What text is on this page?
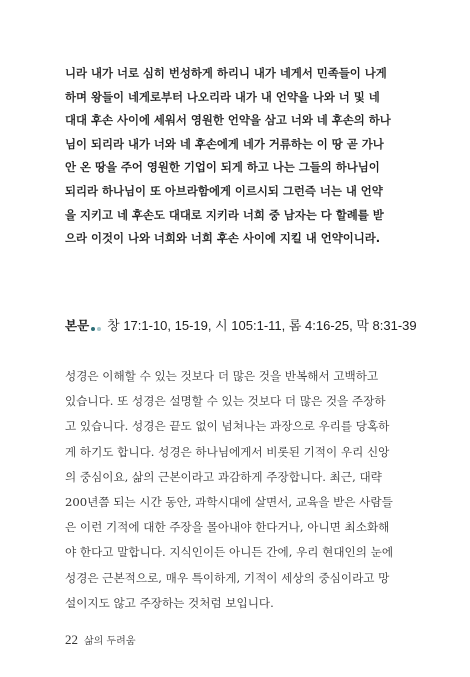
니라 내가 너로 심히 번성하게 하리니 내가 네게서 민족들이 나게
하며 왕들이 네게로부터 나오리라 내가 내 언약을 나와 너 및 네
대대 후손 사이에 세워서 영원한 언약을 삼고 너와 네 후손의 하나
님이 되리라 내가 너와 네 후손에게 네가 거류하는 이 땅 곧 가나
안 온 땅을 주어 영원한 기업이 되게 하고 나는 그들의 하나님이
되리라 하나님이 또 아브라함에게 이르시되 그런즉 너는 내 언약
을 지키고 네 후손도 대대로 지키라 너희 중 남자는 다 할례를 받
으라 이것이 나와 너희와 너희 후손 사이에 지킬 내 언약이니라.
본문 창 17:1-10, 15-19, 시 105:1-11, 롬 4:16-25, 막 8:31-39
성경은 이해할 수 있는 것보다 더 많은 것을 반복해서 고백하고
있습니다. 또 성경은 설명할 수 있는 것보다 더 많은 것을 주장하
고 있습니다. 성경은 끝도 없이 넘쳐나는 과장으로 우리를 당혹하
게 하기도 합니다. 성경은 하나님에게서 비롯된 기적이 우리 신앙
의 중심이요, 삶의 근본이라고 과감하게 주장합니다. 최근, 대략
200년쯤 되는 시간 동안, 과학시대에 살면서, 교육을 받은 사람들
은 이런 기적에 대한 주장을 몰아내야 한다거나, 아니면 최소화해
야 한다고 말합니다. 지식인이든 아니든 간에, 우리 현대인의 눈에
성경은 근본적으로, 매우 특이하게, 기적이 세상의 중심이라고 망
설이지도 않고 주장하는 것처럼 보입니다.
22 삶의 두려움
